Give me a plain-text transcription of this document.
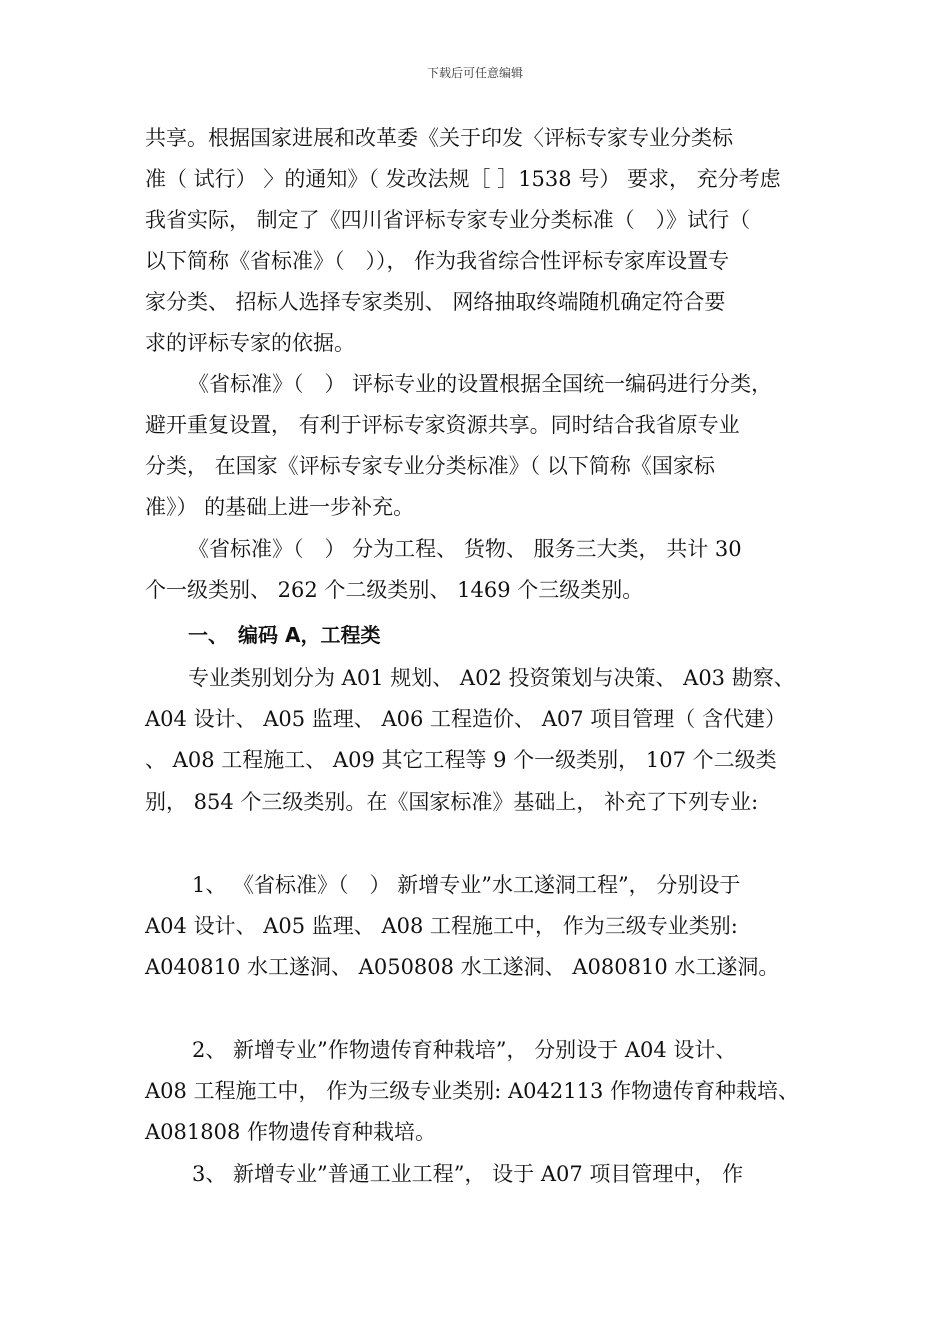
下载后可任意编辑
共享。根据国家进展和改革委《关于印发〈评标专家专业分类标
准（ 试行） 〉的通知》（ 发改法规［ ］1538 号） 要求， 充分考虑
我省实际， 制定了《四川省评标专家专业分类标准（　）》试行（
以下简称《省标准》（　））， 作为我省综合性评标专家库设置专
家分类、 招标人选择专家类别、 网络抽取终端随机确定符合要
求的评标专家的依据。
《省标准》（　） 评标专业的设置根据全国统一编码进行分类，
避开重复设置， 有利于评标专家资源共享。同时结合我省原专业
分类， 在国家《评标专家专业分类标准》（ 以下简称《国家标
准》） 的基础上进一步补充。
《省标准》（　） 分为工程、 货物、 服务三大类， 共计 30
个一级类别、 262 个二级类别、 1469 个三级类别。
一、　编码 A，工程类
专业类别划分为 A01 规划、 A02 投资策划与决策、 A03 勘察、
A04 设计、 A05 监理、 A06 工程造价、 A07 项目管理（ 含代建）
、 A08 工程施工、 A09 其它工程等 9 个一级类别， 107 个二级类
别， 854 个三级类别。在《国家标准》基础上， 补充了下列专业:
1、 《省标准》（　） 新增专业”水工遂洞工程”， 分别设于
A04 设计、 A05 监理、 A08 工程施工中， 作为三级专业类别:
A040810 水工遂洞、 A050808 水工遂洞、 A080810 水工遂洞。
2、 新增专业”作物遗传育种栽培”， 分别设于 A04 设计、
A08 工程施工中， 作为三级专业类别: A042113 作物遗传育种栽培、
A081808 作物遗传育种栽培。
3、 新增专业”普通工业工程”， 设于 A07 项目管理中， 作
